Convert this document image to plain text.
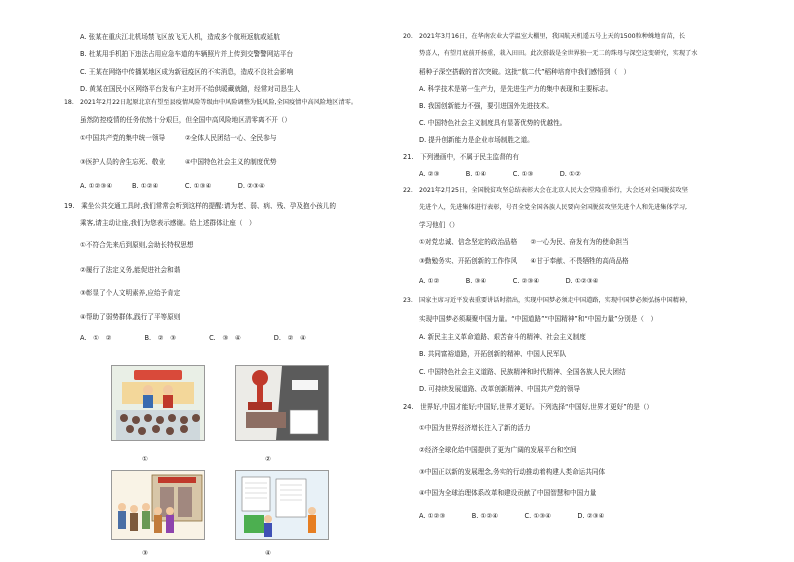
A. 张某在重庆江北机场禁飞区放飞无人机，造成多个航班返航或延航
B. 杜某用手机拍下违法占用应急车道的车辆照片并上传到交警警网站平台
C. 王某在网络中传播某地区成为新冠疫区的不实消息，造成不良社会影响
D. 黄某在国民小区网络平台发布户主对开不给供暖藏就随，经常对司恳生人
18.　2021年2月22日起原北京有望至县疫情风险等级由中风险调整为低风险,全国疫情中高风险地区清零。
虽然防控疫情的任务依然十分艰巨，但全国中高风险地区清零离不开（）
①中国共产党的集中统一领导　　　②全体人民团结一心、全民参与
③医护人员的舍生忘死、敬业　　　④中国特色社会主义的制度优势
A. ①②③④　　　B. ①②④　　　　C. ①③④　　　　D. ②③④
19.　乘坐公共交通工具时,我们常常会听到这样的提醒:请为老、弱、病、残、孕及抱小孩儿的
乘客,请主动让座,我们为您表示感谢。给上述群体让座（　）
①不符合先来后到原则,会助长特权思想
②履行了法定义务,能促进社会和谐
③彰显了个人文明素养,应给予肯定
④帮助了弱势群体,践行了平等原则
A.　①　②　　　　　B.　②　③　　　　　C.　③　④　　　　　D.　②　④
①	②
③	④
20.　2021年3月16日，在华南农业大学温室大棚里，我国航天机遥五号上天的1500粒种蛛地育苗，长
势喜人，有望月底前开扬重，栽入田田。此次搭载是全世界独一无二的珠母与深空这变研究，实现了水
稻种子深空搭载的首次突破。这批“航二代”稻种培育中我们感悟到（　）
A. 科学技术是第一生产力，是先进生产力的集中表现和主要标志。
B. 我国创新能力不强，要引进国外先进技术。
C. 中国特色社会主义制度具有显著优势的优越性。
D. 提升创新能力是企业市场制胜之道。
21.　下列漫画中，不属于民主监督的有
A. ②③　　　　B. ①④　　　　C. ①③　　　　D. ①②
22.　2021年2月25日，全国脱贫攻坚总结表彰大会在北京人民大会堂隆重举行，大会还对全国脱贫攻坚
先进个人，先进集体进行表彰，号召全党全国各族人民要向全国脱贫攻坚先进个人和先进集体学习,
学习他们（）
①对党忠诚、信念坚定的政治品格　　②一心为民、奋发有为的使命担当
③勤勉务实、开拓创新的工作作风　　④甘于奉献、不畏牺牲的高尚品格
A. ①②　　　　B. ③④　　　　C. ②③④　　　　D. ①②③④
23.　国家主席习近平发表重要讲话时指出，实现中国梦必须走中国道路，实现中国梦必须弘扬中国精神，
实现中国梦必须凝聚中国力量。“中国道路”“中国精神”和“中国力量”分别是（　）
A. 新民主主义革命道路、艰苦奋斗的精神、社会主义制度
B. 共同富裕道路，开拓创新的精神、中国人民军队
C. 中国特色社会主义道路、民族精神和时代精神、全国各族人民大团结
D. 可持续发展道路、改革创新精神、中国共产党的领导
24.　世界好,中国才能好;中国好,世界才更好。下列选择“中国好,世界才更好”的是（）
①中国为世界经济增长注入了新的活力
②经济全球化给中国提供了更为广阔的发展平台和空间
③中国正以新的发展理念,务实的行动推动着构建人类命运共同体
④中国为全球治理体系改革和建设贡献了中国智慧和中国力量
A. ①②③　　　　B. ①②④　　　　C. ①③④　　　　D. ②③④
